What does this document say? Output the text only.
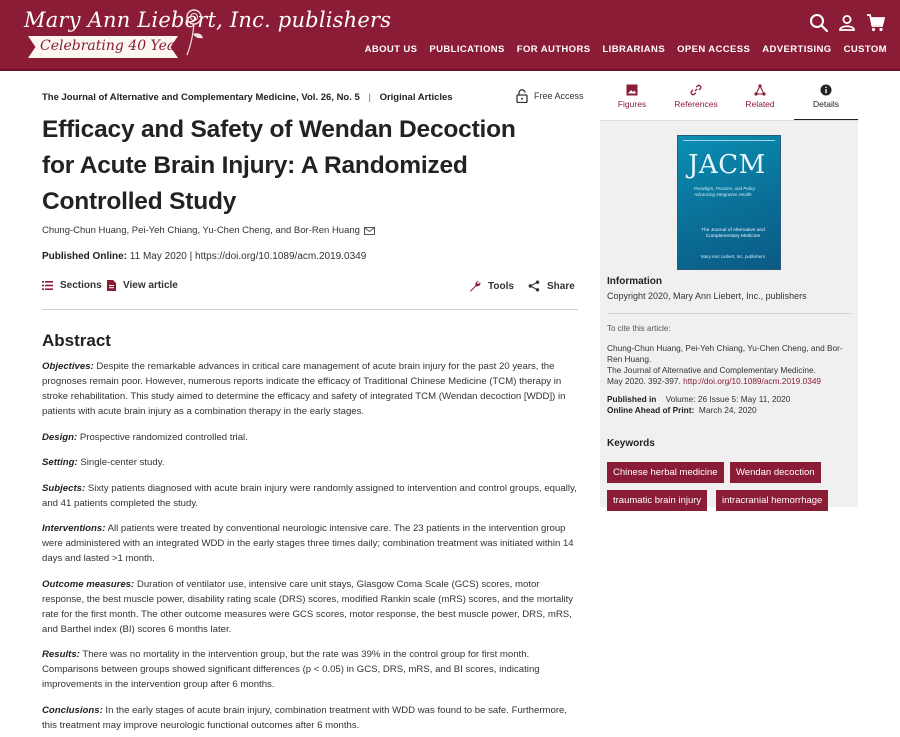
Mary Ann Liebert, Inc. publishers
Celebrating 40 Years	ABOUT US	PUBLICATIONS	FOR AUTHORS	LIBRARIANS	OPEN ACCESS	ADVERTISING	CUSTOM
The Journal of Alternative and Complementary Medicine, Vol. 26, No. 5 | Original Articles	Free Access
Efficacy and Safety of Wendan Decoction for Acute Brain Injury: A Randomized Controlled Study
Chung-Chun Huang, Pei-Yeh Chiang, Yu-Chen Cheng, and Bor-Ren Huang
Published Online: 11 May 2020 | https://doi.org/10.1089/acm.2019.0349
Sections View article	Tools	Share
Abstract

Objectives: Despite the remarkable advances in critical care management of acute brain injury for the past 20 years, the prognoses remain poor. However, numerous reports indicate the efficacy of Traditional Chinese Medicine (TCM) therapy in stroke rehabilitation. This study aimed to determine the efficacy and safety of integrated TCM (Wendan decoction [WDD]) in patients with acute brain injury as a combination therapy in the early stages.

Design: Prospective randomized controlled trial.

Setting: Single-center study.

Subjects: Sixty patients diagnosed with acute brain injury were randomly assigned to intervention and control groups, equally, and 41 patients completed the study.

Interventions: All patients were treated by conventional neurologic intensive care. The 23 patients in the intervention group were administered with an integrated WDD in the early stages three times daily; combination treatment was initiated within 14 days and lasted >1 month.

Outcome measures: Duration of ventilator use, intensive care unit stays, Glasgow Coma Scale (GCS) scores, motor response, the best muscle power, disability rating scale (DRS) scores, modified Rankin scale (mRS) scores, and the mortality rate for the first month. The other outcome measures were GCS scores, motor response, the best muscle power, DRS, mRS, and Barthel index (BI) scores 6 months later.

Results: There was no mortality in the intervention group, but the rate was 39% in the control group for first month. Comparisons between groups showed significant differences (p < 0.05) in GCS, DRS, mRS, and BI scores, indicating improvements in the intervention group after 6 months.

Conclusions: In the early stages of acute brain injury, combination treatment with WDD was found to be safe. Furthermore, this treatment may improve neurologic functional outcomes after 6 months.

Figures	References	Related	Details
JACM
Paradigm, Practice, and Policy Advancing Integrative Health
The Journal of Alternative and Complementary Medicine
Mary Ann Liebert, Inc. publishers
Information
Copyright 2020, Mary Ann Liebert, Inc., publishers
To cite this article:
Chung-Chun Huang, Pei-Yeh Chiang, Yu-Chen Cheng, and Bor-Ren Huang.
The Journal of Alternative and Complementary Medicine.
May 2020. 392-397. http://doi.org/10.1089/acm.2019.0349
Published in Volume: 26 Issue 5: May 11, 2020
Online Ahead of Print: March 24, 2020
Keywords
Chinese herbal medicine	Wendan decoction
traumatic brain injury	intracranial hemorrhage
